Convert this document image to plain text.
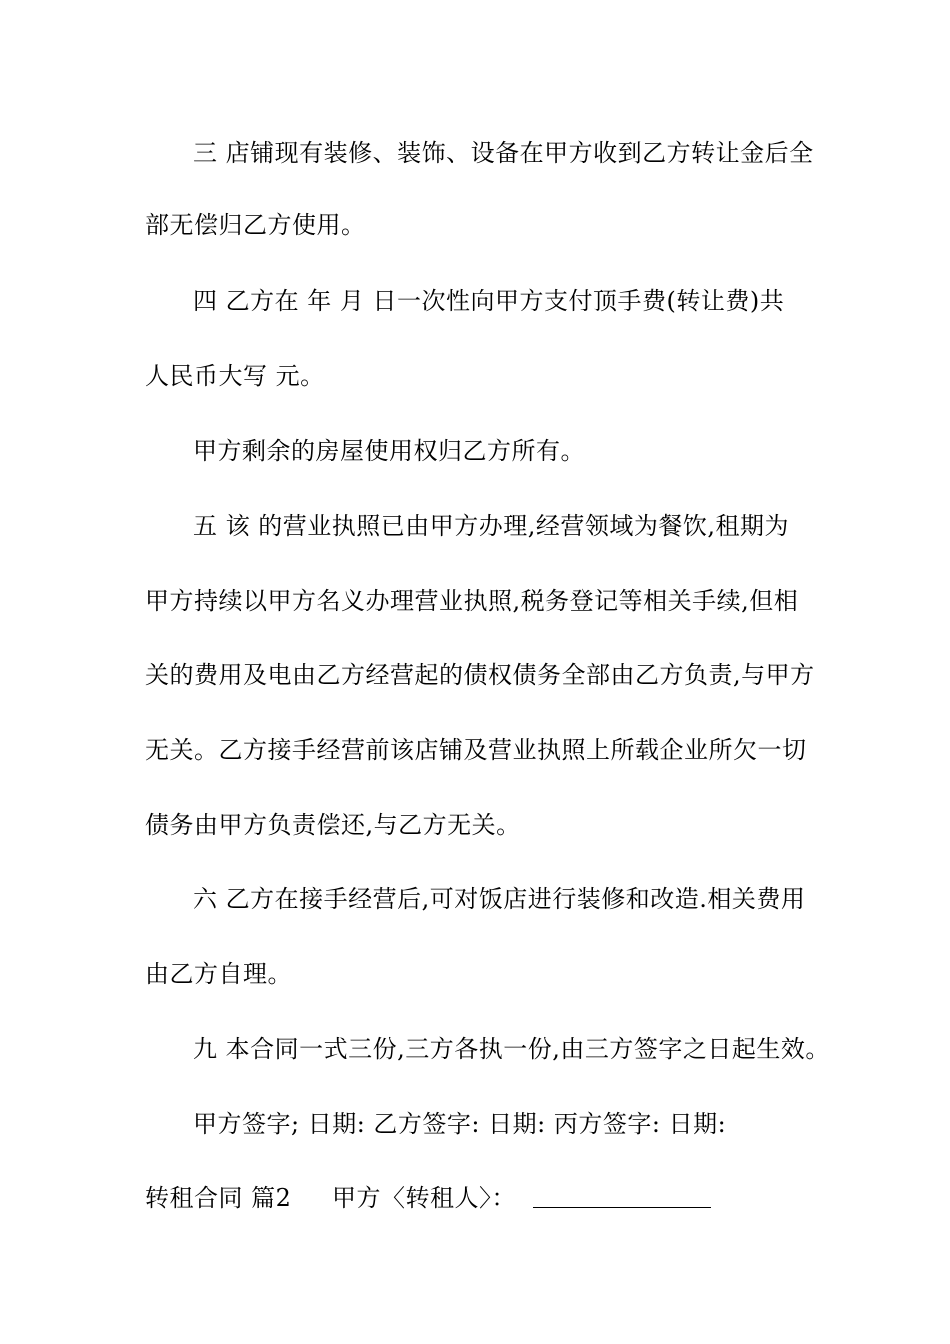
三 店铺现有装修、装饰、设备在甲方收到乙方转让金后全
部无偿归乙方使用。
四 乙方在 年 月 日一次性向甲方支付顶手费(转让费)共
人民币大写 元。
甲方剩余的房屋使用权归乙方所有。
五 该 的营业执照已由甲方办理,经营领域为餐饮,租期为
甲方持续以甲方名义办理营业执照,税务登记等相关手续,但相
关的费用及电由乙方经营起的债权债务全部由乙方负责,与甲方
无关。乙方接手经营前该店铺及营业执照上所载企业所欠一切
债务由甲方负责偿还,与乙方无关。
六 乙方在接手经营后,可对饭店进行装修和改造.相关费用
由乙方自理。
九 本合同一式三份,三方各执一份,由三方签字之日起生效。
甲方签字; 日期: 乙方签字: 日期: 丙方签字: 日期:
转租合同 篇2     甲方〈转租人〉：
